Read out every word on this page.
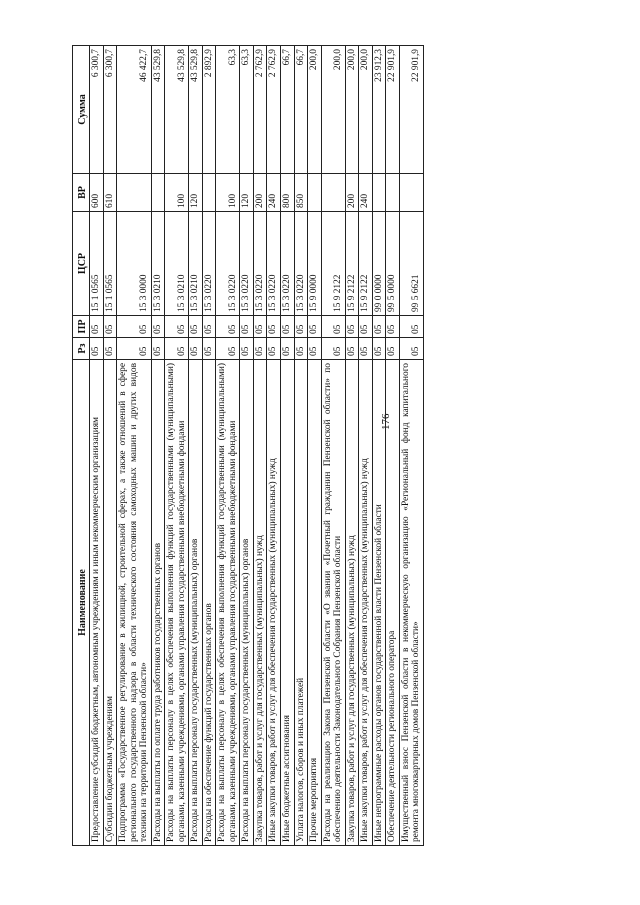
176
Наименование	Рз	ПР	ЦСР	ВР	Сумма
Предоставление субсидий бюджетным, автономным учреждениям и иным некоммерческим организациям	05	05	15 1 0565	600	6 300,7
Субсидии бюджетным учреждениям	05	05	15 1 0565	610	6 300,7
Подпрограмма «Государственное регулирование в жилищной, строительной сферах, а также отношений в сфере регионального государственного надзора в области технического состояния самоходных машин и других видов техники на территории Пензенской области»	05	05	15 3 0000		46 422,7
Расходы на выплаты по оплате труда работников государственных органов	05	05	15 3 0210		43 529,8
Расходы на выплаты персоналу в целях обеспечения выполнения функций государственными (муниципальными) органами, казенными учреждениями, органами управления государственными внебюджетными фондами	05	05	15 3 0210	100	43 529,8
Расходы на выплаты персоналу государственных (муниципальных) органов	05	05	15 3 0210	120	43 529,8
Расходы на обеспечение функций государственных органов	05	05	15 3 0220		2 892,9
Расходы на выплаты персоналу в целях обеспечения выполнения функций государственными (муниципальными) органами, казенными учреждениями, органами управления государственными внебюджетными фондами	05	05	15 3 0220	100	63,3
Расходы на выплаты персоналу государственных (муниципальных) органов	05	05	15 3 0220	120	63,3
Закупка товаров, работ и услуг для государственных (муниципальных) нужд	05	05	15 3 0220	200	2 762,9
Иные закупки товаров, работ и услуг для обеспечения государственных (муниципальных) нужд	05	05	15 3 0220	240	2 762,9
Иные бюджетные ассигнования	05	05	15 3 0220	800	66,7
Уплата налогов, сборов и иных платежей	05	05	15 3 0220	850	66,7
Прочие мероприятия	05	05	15 9 0000		200,0
Расходы на реализацию Закона Пензенской области «О звании «Почетный гражданин Пензенской области» по обеспечению деятельности Законодательного Собрания Пензенской области	05	05	15 9 2122		200,0
Закупка товаров, работ и услуг для государственных (муниципальных) нужд	05	05	15 9 2122	200	200,0
Иные закупки товаров, работ и услуг для обеспечения государственных (муниципальных) нужд	05	05	15 9 2122	240	200,0
Иные непрограммные расходы органов государственной власти Пензенской области	05	05	99 0 0000		23 912,3
Обеспечение деятельности регионального оператора	05	05	99 5 0000		22 901,9
Имущественный взнос Пензенской области в некоммерческую организацию «Региональный фонд капитального ремонта многоквартирных домов Пензенской области»	05	05	99 5 6621		22 901,9
